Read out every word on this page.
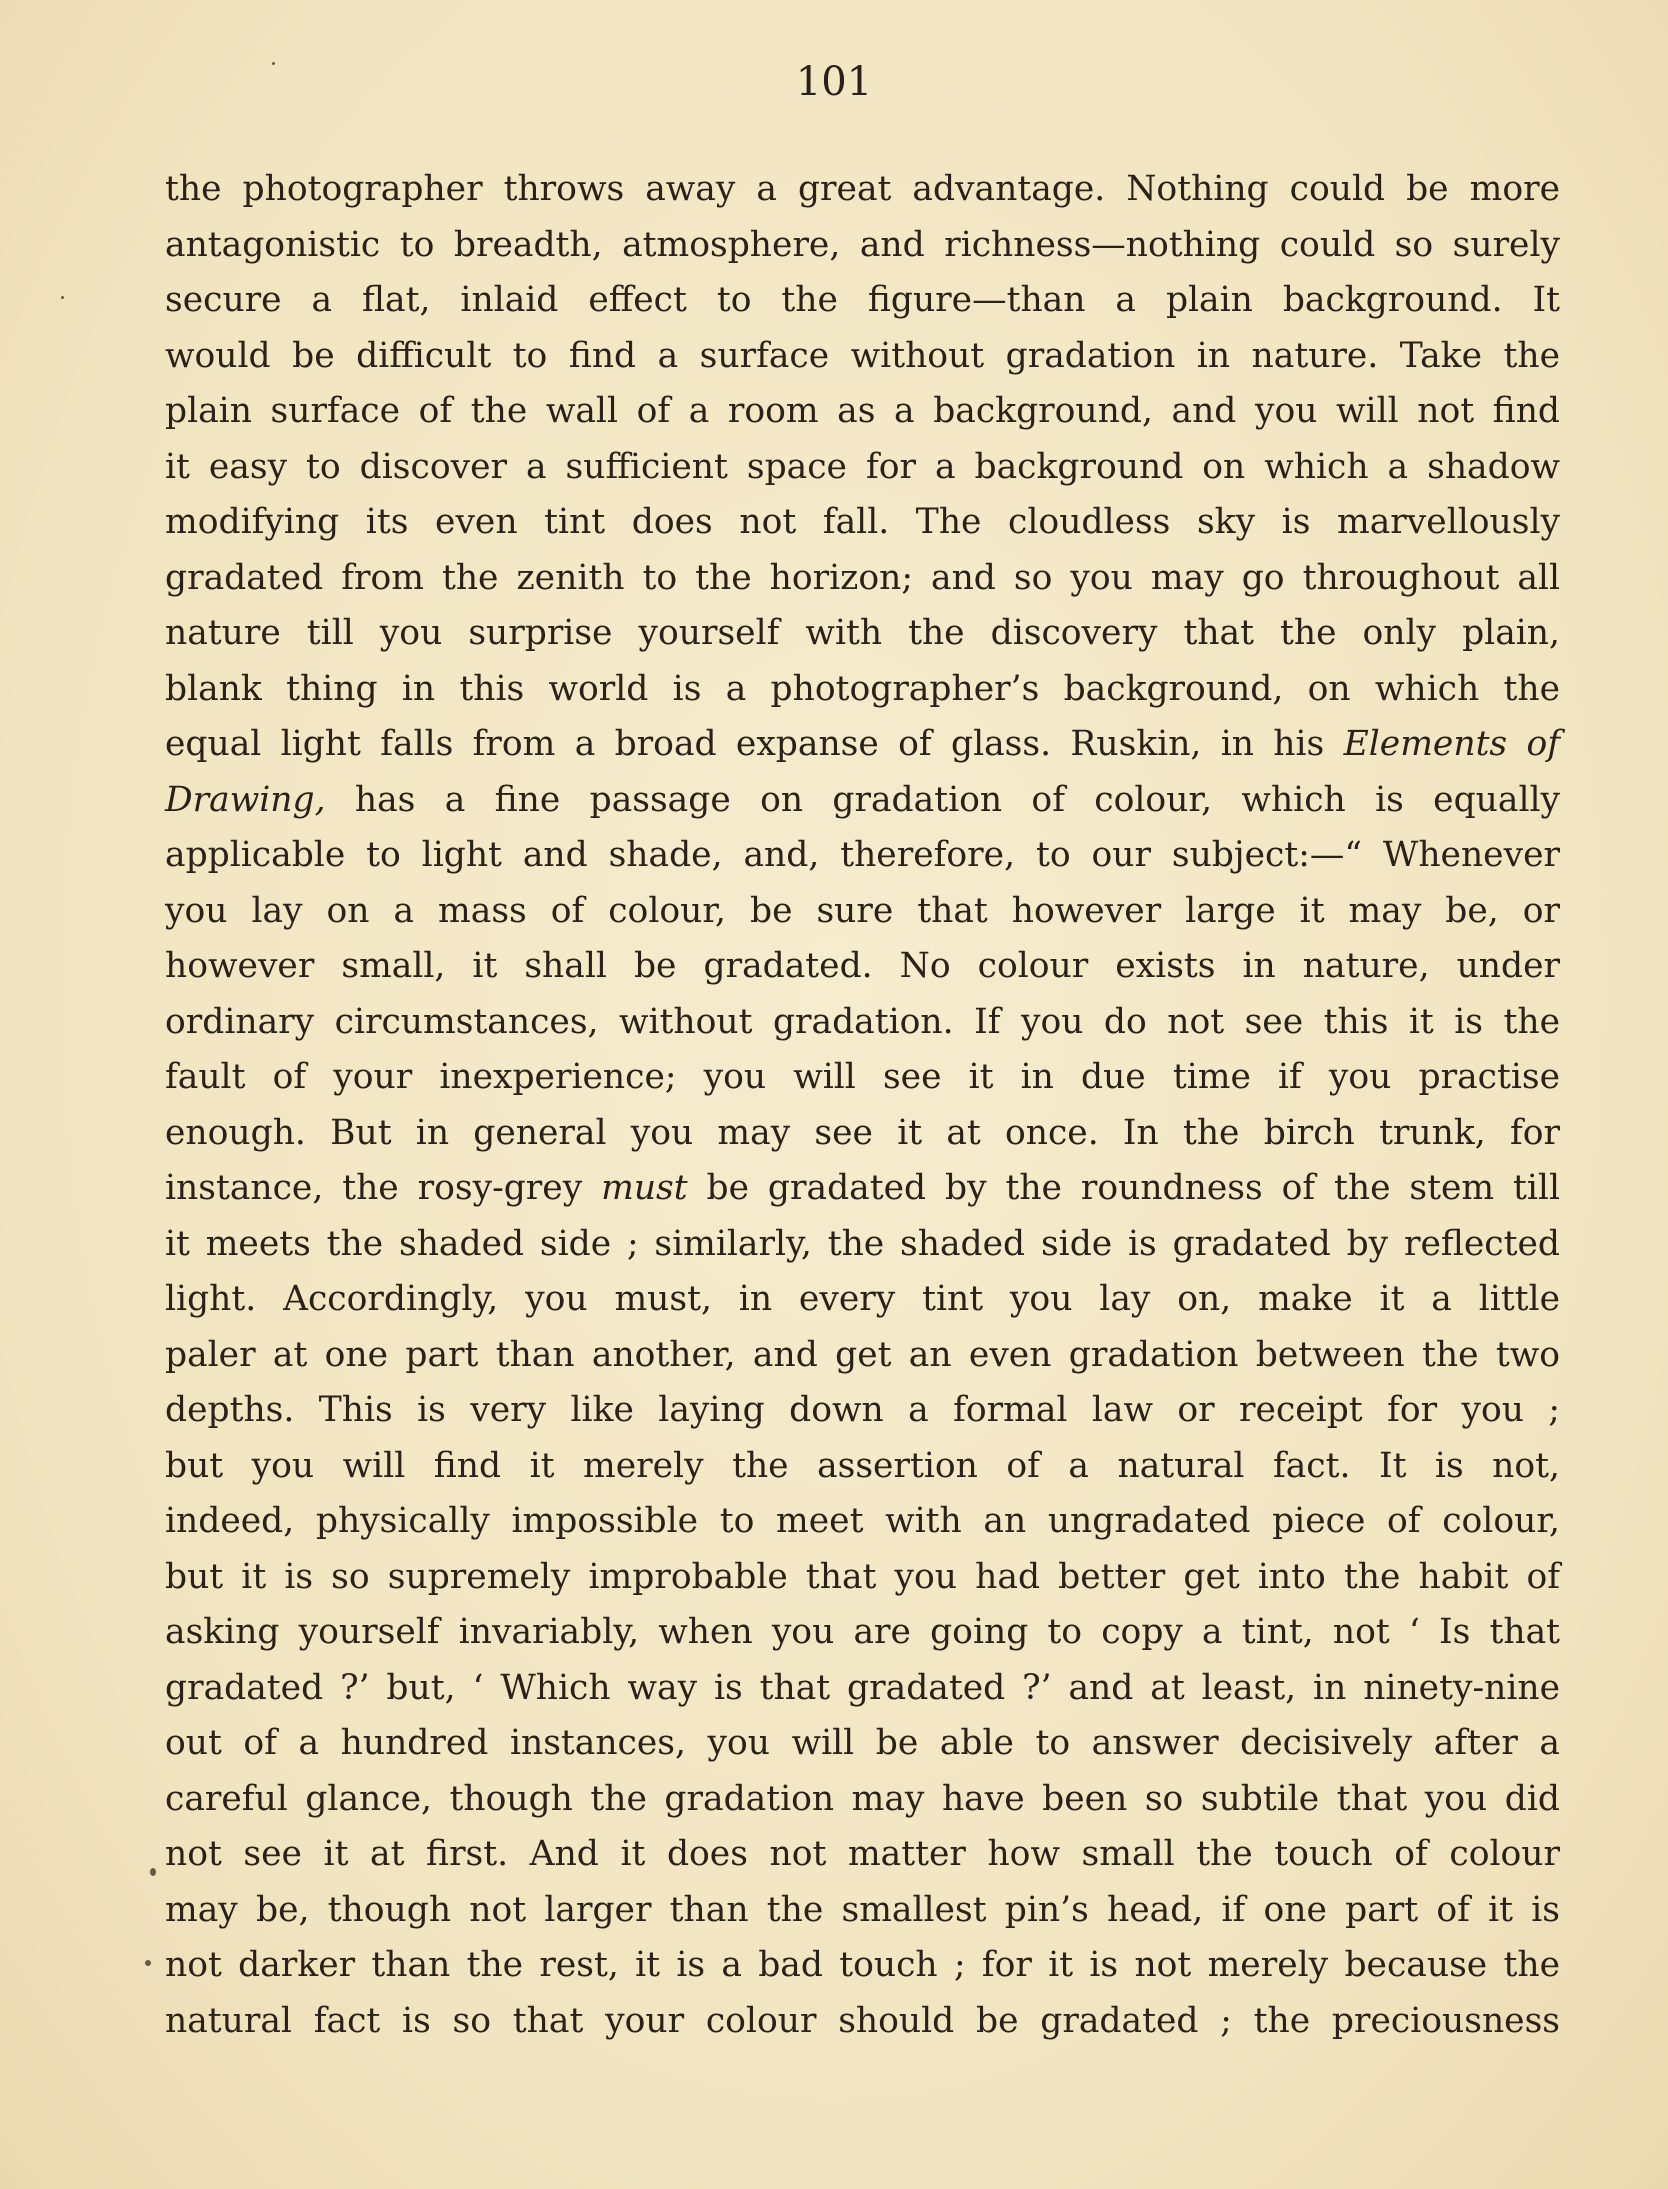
101
the photographer throws away a great advantage. Nothing could be more
antagonistic to breadth, atmosphere, and richness—nothing could so surely
secure a flat, inlaid effect to the figure—than a plain background. It
would be difficult to find a surface without gradation in nature. Take the
plain surface of the wall of a room as a background, and you will not find
it easy to discover a sufficient space for a background on which a shadow
modifying its even tint does not fall. The cloudless sky is marvellously
gradated from the zenith to the horizon; and so you may go throughout all
nature till you surprise yourself with the discovery that the only plain,
blank thing in this world is a photographer’s background, on which the
equal light falls from a broad expanse of glass. Ruskin, in his Elements of
Drawing, has a fine passage on gradation of colour, which is equally
applicable to light and shade, and, therefore, to our subject:—“ Whenever
you lay on a mass of colour, be sure that however large it may be, or
however small, it shall be gradated. No colour exists in nature, under
ordinary circumstances, without gradation. If you do not see this it is the
fault of your inexperience; you will see it in due time if you practise
enough. But in general you may see it at once. In the birch trunk, for
instance, the rosy-grey must be gradated by the roundness of the stem till
it meets the shaded side ; similarly, the shaded side is gradated by reflected
light. Accordingly, you must, in every tint you lay on, make it a little
paler at one part than another, and get an even gradation between the two
depths. This is very like laying down a formal law or receipt for you ;
but you will find it merely the assertion of a natural fact. It is not,
indeed, physically impossible to meet with an ungradated piece of colour,
but it is so supremely improbable that you had better get into the habit of
asking yourself invariably, when you are going to copy a tint, not ‘ Is that
gradated ?’ but, ‘ Which way is that gradated ?’ and at least, in ninety-nine
out of a hundred instances, you will be able to answer decisively after a
careful glance, though the gradation may have been so subtile that you did
not see it at first. And it does not matter how small the touch of colour
may be, though not larger than the smallest pin’s head, if one part of it is
not darker than the rest, it is a bad touch ; for it is not merely because the
natural fact is so that your colour should be gradated ; the preciousness
